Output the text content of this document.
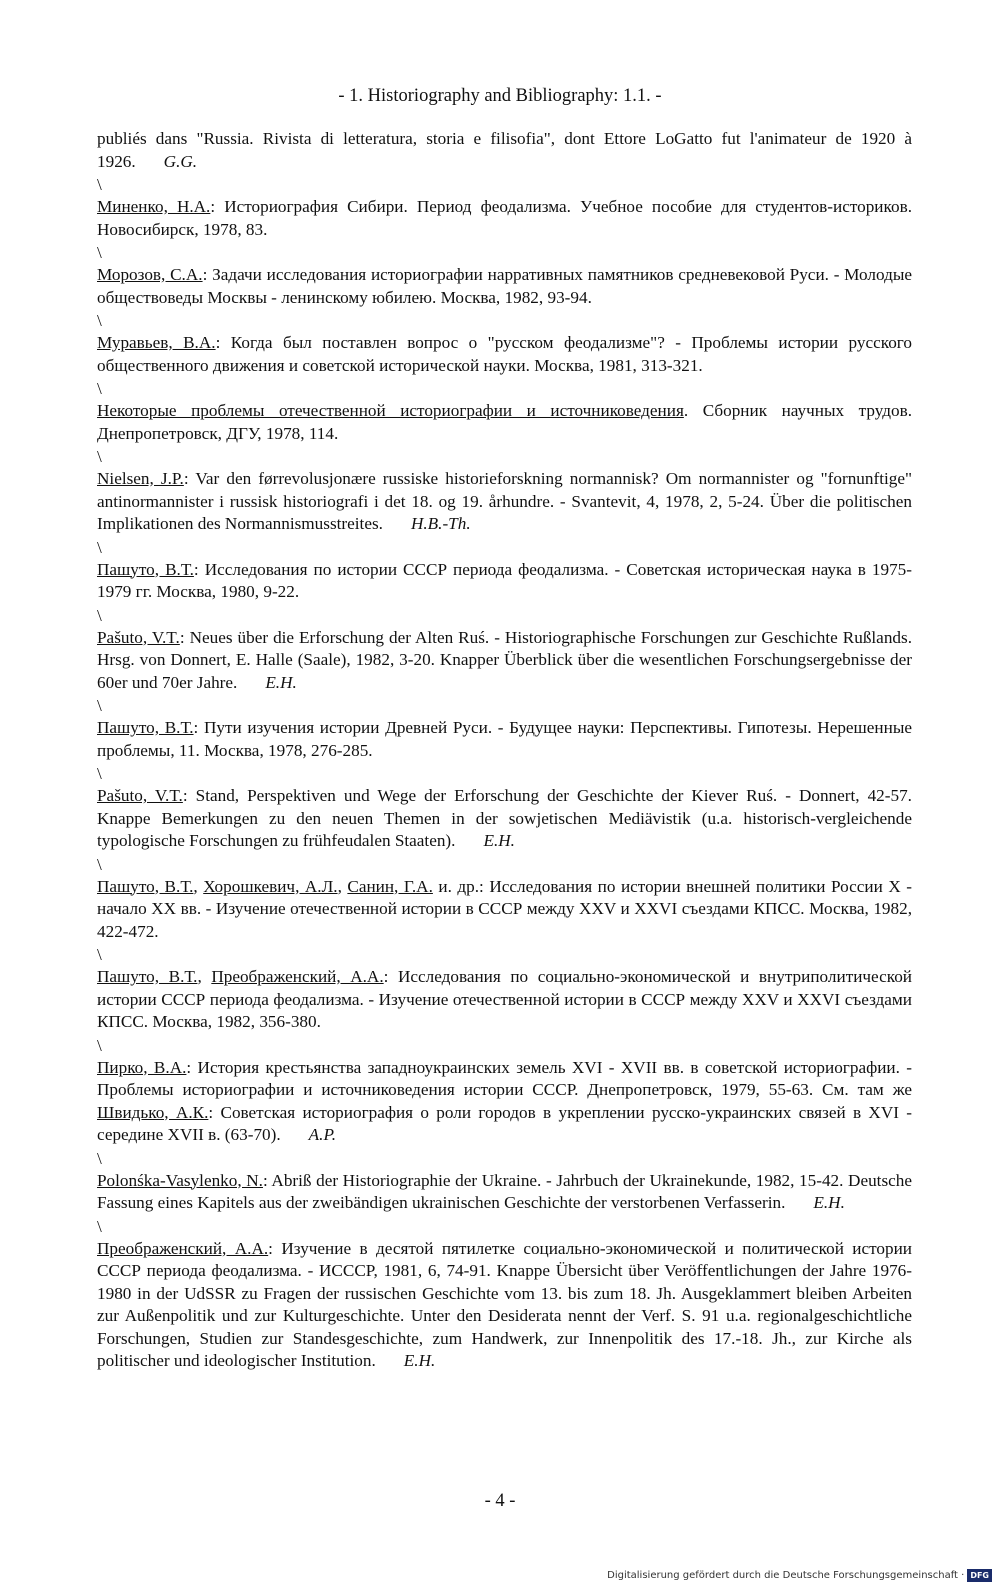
- 1. Historiography and Bibliography: 1.1. -
publiés dans "Russia. Rivista di letteratura, storia e filisofia", dont Ettore LoGatto fut l'animateur de 1920 à 1926. G.G.
\
Миненко, Н.А.: Историография Сибири. Период феодализма. Учебное пособие для студентов-историков. Новосибирск, 1978, 83.
\
Морозов, С.А.: Задачи исследования историографии нарративных памятников средневековой Руси. - Молодые обществоведы Москвы - ленинскому юбилею. Москва, 1982, 93-94.
\
Муравьев, В.А.: Когда был поставлен вопрос о "русском феодализме"? - Проблемы истории русского общественного движения и советской исторической науки. Москва, 1981, 313-321.
\
Некоторые проблемы отечественной историографии и источниковедения. Сборник научных трудов. Днепропетровск, ДГУ, 1978, 114.
\
Nielsen, J.P.: Var den førrevolusjonære russiske historieforskning normannisk? Om normannister og "fornunftige" antinormannister i russisk historiografi i det 18. og 19. århundre. - Svantevit, 4, 1978, 2, 5-24. Über die politischen Implikationen des Normannismusstreites. H.B.-Th.
\
Пашуто, В.Т.: Исследования по истории СССР периода феодализма. - Советская историческая наука в 1975-1979 гг. Москва, 1980, 9-22.
\
Pašuto, V.T.: Neues über die Erforschung der Alten Ruś. - Historiographische Forschungen zur Geschichte Rußlands. Hrsg. von Donnert, E. Halle (Saale), 1982, 3-20. Knapper Überblick über die wesentlichen Forschungsergebnisse der 60er und 70er Jahre. E.H.
\
Пашуто, В.Т.: Пути изучения истории Древней Руси. - Будущее науки: Перспективы. Гипотезы. Нерешенные проблемы, 11. Москва, 1978, 276-285.
\
Pašuto, V.T.: Stand, Perspektiven und Wege der Erforschung der Geschichte der Kiever Ruś. - Donnert, 42-57. Knappe Bemerkungen zu den neuen Themen in der sowjetischen Mediävistik (u.a. historisch-vergleichende typologische Forschungen zu frühfeudalen Staaten). E.H.
\
Пашуто, В.Т., Хорошкевич, А.Л., Санин, Г.А. и. др.: Исследования по истории внешней политики России X - начало XX вв. - Изучение отечественной истории в СССР между XXV и XXVI съездами КПСС. Москва, 1982, 422-472.
\
Пашуто, В.Т., Преображенский, А.А.: Исследования по социально-экономической и внутриполитической истории СССР периода феодализма. - Изучение отечественной истории в СССР между XXV и XXVI съездами КПСС. Москва, 1982, 356-380.
\
Пирко, В.А.: История крестьянства западноукраинских земель XVI - XVII вв. в советской историографии. - Проблемы историографии и источниковедения истории СССР. Днепропетровск, 1979, 55-63. См. там же Швидько, А.К.: Советская историография о роли городов в укреплении русско-украинских связей в XVI - середине XVII в. (63-70). A.P.
\
Polonśka-Vasylenko, N.: Abriß der Historiographie der Ukraine. - Jahrbuch der Ukrainekunde, 1982, 15-42. Deutsche Fassung eines Kapitels aus der zweibändigen ukrainischen Geschichte der verstorbenen Verfasserin. E.H.
\
Преображенский, А.А.: Изучение в десятой пятилетке социально-экономической и политической истории СССР периода феодализма. - ИССCP, 1981, 6, 74-91. Knappe Übersicht über Veröffentlichungen der Jahre 1976-1980 in der UdSSR zu Fragen der russischen Geschichte vom 13. bis zum 18. Jh. Ausgeklammert bleiben Arbeiten zur Außenpolitik und zur Kulturgeschichte. Unter den Desiderata nennt der Verf. S. 91 u.a. regionalgeschichtliche Forschungen, Studien zur Standesgeschichte, zum Handwerk, zur Innenpolitik des 17.-18. Jh., zur Kirche als politischer und ideologischer Institution. E.H.
- 4 -
Digitalisierung gefördert durch die Deutsche Forschungsgemeinschaft · DFG
